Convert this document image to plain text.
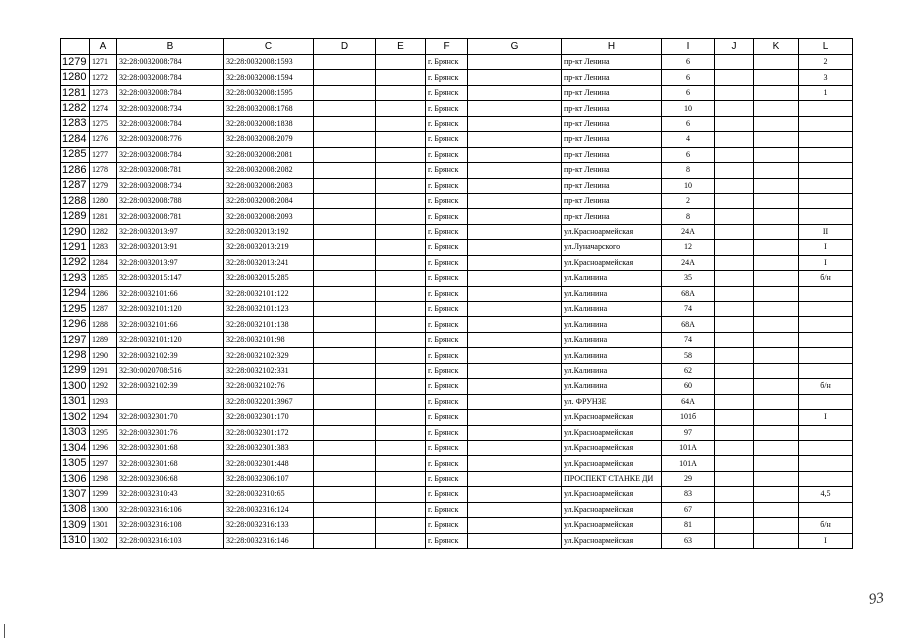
	A	B	C	D	E	F	G	H	I	J	K	L
1279	1271	32:28:0032008:784	32:28:0032008:1593			г. Брянск		пр-кт Ленина	6			2
1280	1272	32:28:0032008:784	32:28:0032008:1594			г. Брянск		пр-кт Ленина	6			3
1281	1273	32:28:0032008:784	32:28:0032008:1595			г. Брянск		пр-кт Ленина	6			1
1282	1274	32:28:0032008:734	32:28:0032008:1768			г. Брянск		пр-кт Ленина	10			
1283	1275	32:28:0032008:784	32:28:0032008:1838			г. Брянск		пр-кт Ленина	6			
1284	1276	32:28:0032008:776	32:28:0032008:2079			г. Брянск		пр-кт Ленина	4			
1285	1277	32:28:0032008:784	32:28:0032008:2081			г. Брянск		пр-кт Ленина	6			
1286	1278	32:28:0032008:781	32:28:0032008:2082			г. Брянск		пр-кт Ленина	8			
1287	1279	32:28:0032008:734	32:28:0032008:2083			г. Брянск		пр-кт Ленина	10			
1288	1280	32:28:0032008:788	32:28:0032008:2084			г. Брянск		пр-кт Ленина	2			
1289	1281	32:28:0032008:781	32:28:0032008:2093			г. Брянск		пр-кт Ленина	8			
1290	1282	32:28:0032013:97	32:28:0032013:192			г. Брянск		ул.Красноармейская	24А			II
1291	1283	32:28:0032013:91	32:28:0032013:219			г. Брянск		ул.Луначарского	12			I
1292	1284	32:28:0032013:97	32:28:0032013:241			г. Брянск		ул.Красноармейская	24А			I
1293	1285	32:28:0032015:147	32:28:0032015:285			г. Брянск		ул.Калинина	35			б/н
1294	1286	32:28:0032101:66	32:28:0032101:122			г. Брянск		ул.Калинина	68А			
1295	1287	32:28:0032101:120	32:28:0032101:123			г. Брянск		ул.Калинина	74			
1296	1288	32:28:0032101:66	32:28:0032101:138			г. Брянск		ул.Калинина	68А			
1297	1289	32:28:0032101:120	32:28:0032101:98			г. Брянск		ул.Калинина	74			
1298	1290	32:28:0032102:39	32:28:0032102:329			г. Брянск		ул.Калинина	58			
1299	1291	32:30:0020708:516	32:28:0032102:331			г. Брянск		ул.Калинина	62			
1300	1292	32:28:0032102:39	32:28:0032102:76			г. Брянск		ул.Калинина	60			б/н
1301	1293		32:28:0032201:3967			г. Брянск		ул. ФРУНЗЕ	64А			
1302	1294	32:28:0032301:70	32:28:0032301:170			г. Брянск		ул.Красноармейская	101б			I
1303	1295	32:28:0032301:76	32:28:0032301:172			г. Брянск		ул.Красноармейская	97			
1304	1296	32:28:0032301:68	32:28:0032301:383			г. Брянск		ул.Красноармейская	101А			
1305	1297	32:28:0032301:68	32:28:0032301:448			г. Брянск		ул.Красноармейская	101А			
1306	1298	32:28:0032306:68	32:28:0032306:107			г. Брянск		ПРОСПЕКТ СТАНКЕ ДИ	29			
1307	1299	32:28:0032310:43	32:28:0032310:65			г. Брянск		ул.Красноармейская	83			4,5
1308	1300	32:28:0032316:106	32:28:0032316:124			г. Брянск		ул.Красноармейская	67			
1309	1301	32:28:0032316:108	32:28:0032316:133			г. Брянск		ул.Красноармейская	81			б/н
1310	1302	32:28:0032316:103	32:28:0032316:146			г. Брянск		ул.Красноармейская	63			I
93
